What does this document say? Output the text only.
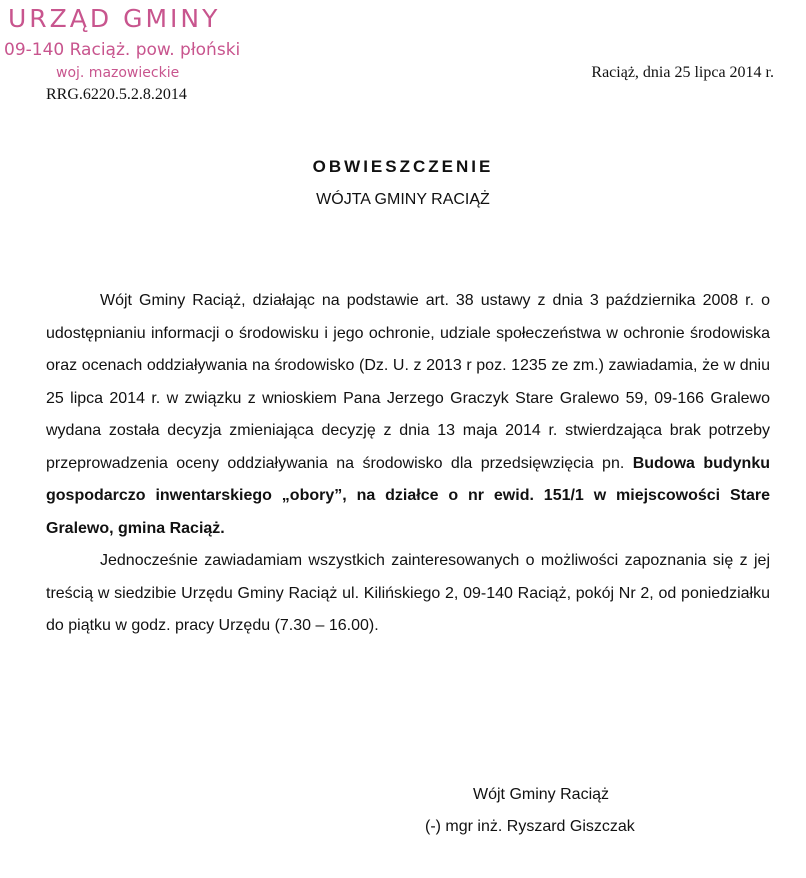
URZĄD GMINY
09-140 Raciąż. pow. płoński
woj. mazowieckie
RRG.6220.5.2.8.2014
Raciąż, dnia 25 lipca 2014 r.
OBWIESZCZENIE
WÓJTA GMINY RACIĄŻ

Wójt Gminy Raciąż, działając na podstawie art. 38 ustawy z dnia 3 października 2008 r. o udostępnianiu informacji o środowisku i jego ochronie, udziale społeczeństwa w ochronie środowiska oraz ocenach oddziaływania na środowisko (Dz. U. z 2013 r poz. 1235 ze zm.) zawiadamia, że w dniu 25 lipca 2014 r. w związku z wnioskiem Pana Jerzego Graczyk Stare Gralewo 59, 09-166 Gralewo wydana została decyzja zmieniająca decyzję z dnia 13 maja 2014 r. stwierdzająca brak potrzeby przeprowadzenia oceny oddziaływania na środowisko dla przedsięwzięcia pn. Budowa budynku gospodarczo inwentarskiego „obory”, na działce o nr ewid. 151/1 w miejscowości Stare Gralewo, gmina Raciąż.

Jednocześnie zawiadamiam wszystkich zainteresowanych o możliwości zapoznania się z jej treścią w siedzibie Urzędu Gminy Raciąż ul. Kilińskiego 2, 09-140 Raciąż, pokój Nr 2, od poniedziałku do piątku w godz. pracy Urzędu (7.30 – 16.00).

Wójt Gminy Raciąż
(-) mgr inż. Ryszard Giszczak
